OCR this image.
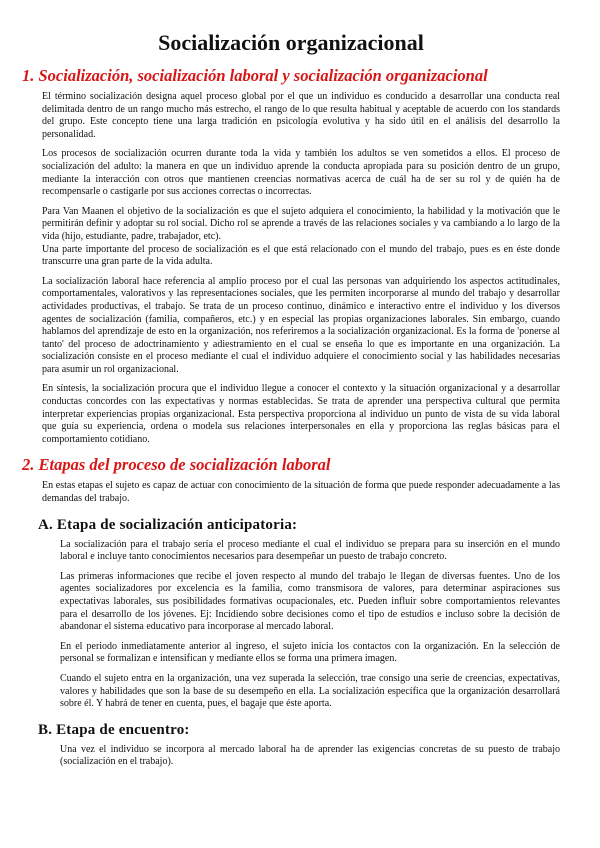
Socialización organizacional
1. Socialización, socialización laboral y socialización organizacional

El término socialización designa aquel proceso global por el que un individuo es conducido a desarrollar una conducta real delimitada dentro de un rango mucho más estrecho, el rango de lo que resulta habitual y aceptable de acuerdo con los standards del grupo. Este concepto tiene una larga tradición en psicología evolutiva y ha sido útil en el análisis del desarrollo la personalidad.

Los procesos de socialización ocurren durante toda la vida y también los adultos se ven sometidos a ellos. El proceso de socialización del adulto: la manera en que un individuo aprende la conducta apropiada para su posición dentro de un grupo, mediante la interacción con otros que mantienen creencias normativas acerca de cuál ha de ser su rol y de quién ha de recompensarle o castigarle por sus acciones correctas o incorrectas.

Para Van Maanen el objetivo de la socialización es que el sujeto adquiera el conocimiento, la habilidad y la motivación que le permitirán definir y adoptar su rol social. Dicho rol se aprende a través de las relaciones sociales y va cambiando a lo largo de la vida (hijo, estudiante, padre, trabajador, etc).
Una parte importante del proceso de socialización es el que está relacionado con el mundo del trabajo, pues es en éste donde transcurre una gran parte de la vida adulta.

La socialización laboral hace referencia al amplio proceso por el cual las personas van adquiriendo los aspectos actitudinales, comportamentales, valorativos y las representaciones sociales, que les permiten incorporarse al mundo del trabajo y desarrollar actividades productivas, el trabajo. Se trata de un proceso continuo, dinámico e interactivo entre el individuo y los diversos agentes de socialización (familia, compañeros, etc.) y en especial las propias organizaciones laborales. Sin embargo, cuando hablamos del aprendizaje de esto en la organización, nos referiremos a la socialización organizacional. Es la forma de 'ponerse al tanto' del proceso de adoctrinamiento y adiestramiento en el cual se enseña lo que es importante en una organización. La socialización consiste en el proceso mediante el cual el individuo adquiere el conocimiento social y las habilidades necesarias para asumir un rol organizacional.

En síntesis, la socialización procura que el individuo llegue a conocer el contexto y la situación organizacional y a desarrollar conductas concordes con las expectativas y normas establecidas. Se trata de aprender una perspectiva cultural que permita interpretar experiencias propias organizacional. Esta perspectiva proporciona al individuo un punto de vista de su vida laboral que guía su experiencia, ordena o modela sus relaciones interpersonales en ella y proporciona las reglas básicas para el comportamiento cotidiano.

2. Etapas del proceso de socialización laboral

En estas etapas el sujeto es capaz de actuar con conocimiento de la situación de forma que puede responder adecuadamente a las demandas del trabajo.

A. Etapa de socialización anticipatoria:

La socialización para el trabajo sería el proceso mediante el cual el individuo se prepara para su inserción en el mundo laboral e incluye tanto conocimientos necesarios para desempeñar un puesto de trabajo concreto.

Las primeras informaciones que recibe el joven respecto al mundo del trabajo le llegan de diversas fuentes. Uno de los agentes socializadores por excelencia es la familia, como transmisora de valores, para determinar aspiraciones sus expectativas laborales, sus posibilidades formativas ocupacionales, etc. Pueden influir sobre comportamientos relevantes para el desarrollo de los jóvenes. Ej: Incidiendo sobre decisiones como el tipo de estudios e incluso sobre la decisión de abandonar el sistema educativo para incorporase al mercado laboral.

En el periodo inmediatamente anterior al ingreso, el sujeto inicia los contactos con la organización. En la selección de personal se formalizan e intensifican y mediante ellos se forma una primera imagen.

Cuando el sujeto entra en la organización, una vez superada la selección, trae consigo una serie de creencias, expectativas, valores y habilidades que son la base de su desempeño en ella. La socialización específica que la organización desarrollará sobre él. Y habrá de tener en cuenta, pues, el bagaje que éste aporta.

B. Etapa de encuentro:

Una vez el individuo se incorpora al mercado laboral ha de aprender las exigencias concretas de su puesto de trabajo (socialización en el trabajo).
